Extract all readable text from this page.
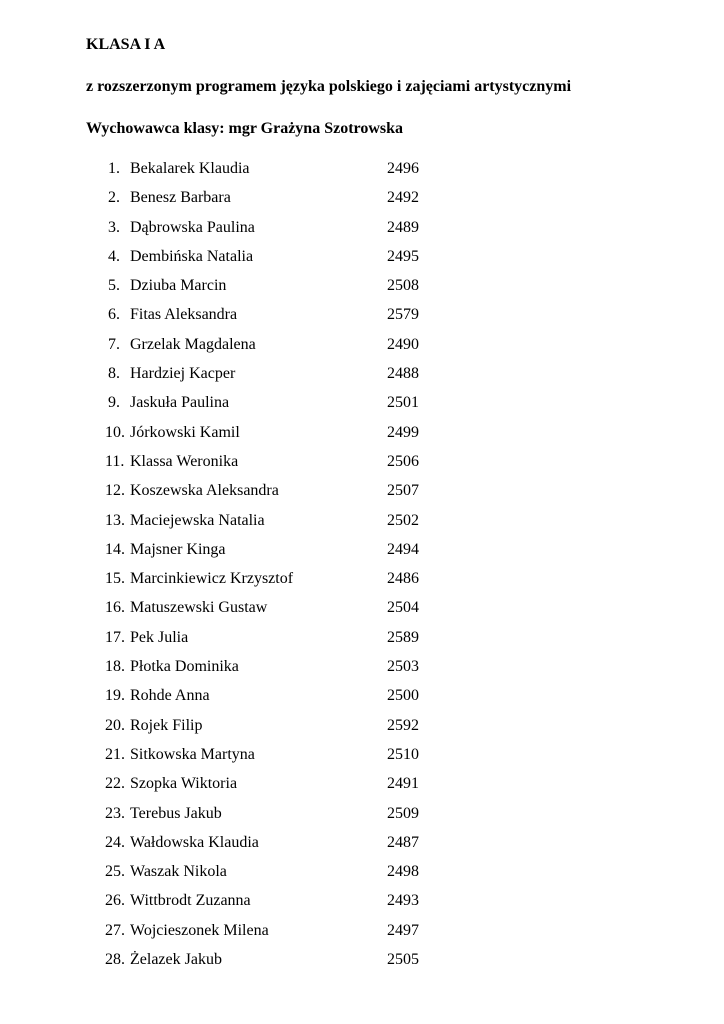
KLASA I A
z rozszerzonym programem języka polskiego i zajęciami artystycznymi
Wychowawca klasy: mgr Grażyna Szotrowska
1. Bekalarek Klaudia	2496
2. Benesz Barbara	2492
3. Dąbrowska Paulina	2489
4. Dembińska Natalia	2495
5. Dziuba Marcin	2508
6. Fitas Aleksandra	2579
7. Grzelak Magdalena	2490
8. Hardziej Kacper	2488
9. Jaskuła Paulina	2501
10. Jórkowski Kamil	2499
11. Klassa Weronika	2506
12. Koszewska Aleksandra	2507
13. Maciejewska Natalia	2502
14. Majsner Kinga	2494
15. Marcinkiewicz Krzysztof	2486
16. Matuszewski Gustaw	2504
17. Pek Julia	2589
18. Płotka Dominika	2503
19. Rohde Anna	2500
20. Rojek Filip	2592
21. Sitkowska Martyna	2510
22. Szopka Wiktoria	2491
23. Terebus Jakub	2509
24. Wałdowska Klaudia	2487
25. Waszak Nikola	2498
26. Wittbrodt Zuzanna	2493
27. Wojcieszonek Milena	2497
28. Żelazek Jakub	2505
